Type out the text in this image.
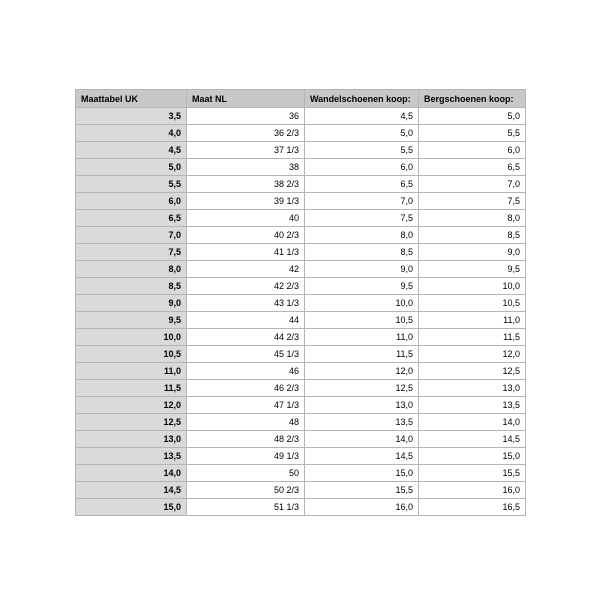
Maattabel UK	Maat NL	Wandelschoenen koop:	Bergschoenen koop:
3,5	36	4,5	5,0
4,0	36 2/3	5,0	5,5
4,5	37 1/3	5,5	6,0
5,0	38	6,0	6,5
5,5	38 2/3	6,5	7,0
6,0	39 1/3	7,0	7,5
6,5	40	7,5	8,0
7,0	40 2/3	8,0	8,5
7,5	41 1/3	8,5	9,0
8,0	42	9,0	9,5
8,5	42 2/3	9,5	10,0
9,0	43 1/3	10,0	10,5
9,5	44	10,5	11,0
10,0	44 2/3	11,0	11,5
10,5	45 1/3	11,5	12,0
11,0	46	12,0	12,5
11,5	46 2/3	12,5	13,0
12,0	47 1/3	13,0	13,5
12,5	48	13,5	14,0
13,0	48 2/3	14,0	14,5
13,5	49 1/3	14,5	15,0
14,0	50	15,0	15,5
14,5	50 2/3	15,5	16,0
15,0	51 1/3	16,0	16,5
